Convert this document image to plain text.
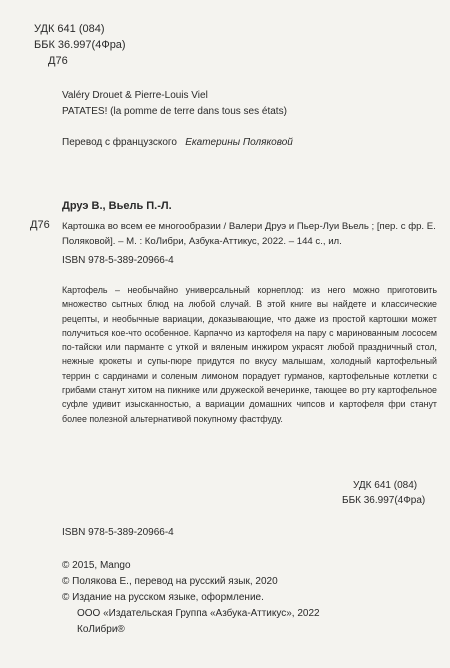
УДК 641 (084)
ББК 36.997(4Фра)
Д76
Valéry Drouet & Pierre-Louis Viel
PATATES! (la pomme de terre dans tous ses états)
Перевод с французского Екатерины Поляковой
Друэ В., Вьель П.-Л.
Д76 Картошка во всем ее многообразии / Валери Друэ и Пьер-Луи Вьель ; [пер. с фр. Е. Поляковой]. – М. : КоЛибри, Азбука-Аттикус, 2022. – 144 с., ил.
ISBN 978-5-389-20966-4
Картофель – необычайно универсальный корнеплод: из него можно приготовить множество сытных блюд на любой случай. В этой книге вы найдете и классические рецепты, и необычные вариации, доказывающие, что даже из простой картошки может получиться кое-что особенное. Карпаччо из картофеля на пару с маринованным лососем по-тайски или парманте с уткой и вяленым инжиром украсят любой праздничный стол, нежные крокеты и супы-пюре придутся по вкусу малышам, холодный картофельный террин с сардинами и соленым лимоном порадует гурманов, картофельные котлетки с грибами станут хитом на пикнике или дружеской вечеринке, тающее во рту картофельное суфле удивит изысканностью, а вариации домашних чипсов и картофеля фри станут более полезной альтернативой покупному фастфуду.
УДК 641 (084)
ББК 36.997(4Фра)
ISBN 978-5-389-20966-4
© 2015, Mango
© Полякова Е., перевод на русский язык, 2020
© Издание на русском языке, оформление.
ООО «Издательская Группа «Азбука-Аттикус», 2022
КоЛибри®
